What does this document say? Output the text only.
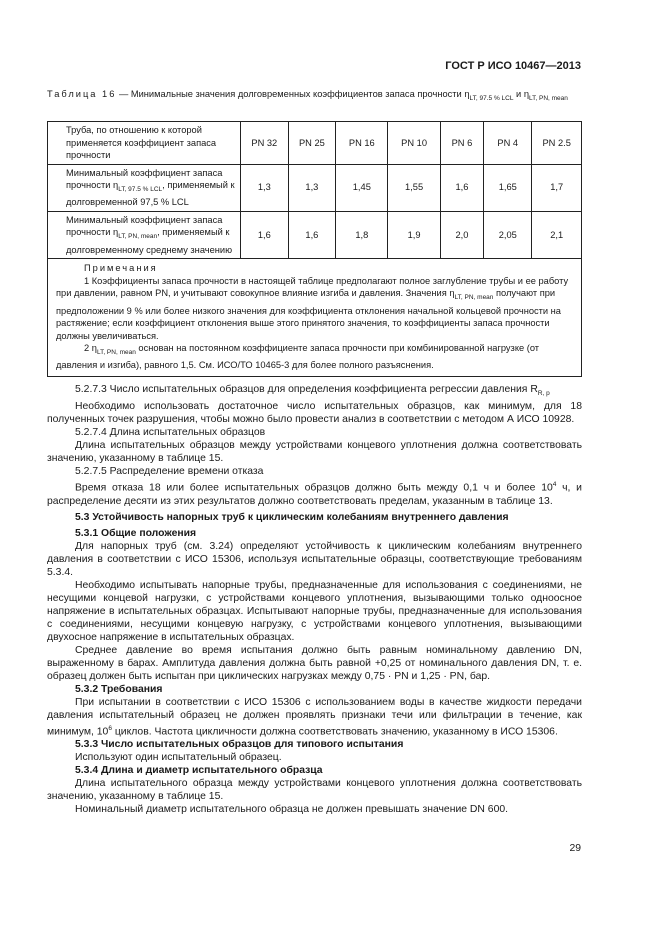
ГОСТ Р ИСО 10467—2013
Таблица 16 — Минимальные значения долговременных коэффициентов запаса прочности $\eta_{LT, 97.5 \% LCL}$ и $\eta_{LT, PN, mean}$
Труба, по отношению к которой применяется коэффициент запаса прочности	PN 32	PN 25	PN 16	PN 10	PN 6	PN 4	PN 2.5
Минимальный коэффициент запаса прочности $\eta_{LT, 97.5 \% LCL}$, применяемый к долговременной 97,5 % LCL	1,3	1,3	1,45	1,55	1,6	1,65	1,7
Минимальный коэффициент запаса прочности $\eta_{LT, PN, mean}$, применяемый к долговременному среднему значению	1,6	1,6	1,8	1,9	2,0	2,05	2,1

Примечания

1 Коэффициенты запаса прочности в настоящей таблице предполагают полное заглубление трубы и ее работу при давлении, равном PN, и учитывают совокупное влияние изгиба и давления. Значения $\eta_{LT, PN, mean}$ получают при предположении 9 % или более низкого значения для коэффициента отклонения начальной кольцевой прочности на растяжение; если коэффициент отклонения выше этого принятого значения, то коэффициенты запаса прочности должны увеличиваться.

2 $\eta_{LT, PN, mean}$ основан на постоянном коэффициенте запаса прочности при комбинированной нагрузке (от давления и изгиба), равного 1,5. См. ИСО/ТО 10465-3 для более полного разъяснения.							

5.2.7.3 Число испытательных образцов для определения коэффициента регрессии давления $R_{R, p}$

Необходимо использовать достаточное число испытательных образцов, как минимум, для 18 полученных точек разрушения, чтобы можно было провести анализ в соответствии с методом А ИСО 10928.

5.2.7.4 Длина испытательных образцов

Длина испытательных образцов между устройствами концевого уплотнения должна соответствовать значению, указанному в таблице 15.

5.2.7.5 Распределение времени отказа

Время отказа 18 или более испытательных образцов должно быть между 0,1 ч и более $10^4$ ч, и распределение десяти из этих результатов должно соответствовать пределам, указанным в таблице 13.

5.3 Устойчивость напорных труб к циклическим колебаниям внутреннего давления

5.3.1 Общие положения

Для напорных труб (см. 3.24) определяют устойчивость к циклическим колебаниям внутреннего давления в соответствии с ИСО 15306, используя испытательные образцы, соответствующие требованиям 5.3.4.

Необходимо испытывать напорные трубы, предназначенные для использования с соединениями, не несущими концевой нагрузки, с устройствами концевого уплотнения, вызывающими только одноосное напряжение в испытательных образцах. Испытывают напорные трубы, предназначенные для использования с соединениями, несущими концевую нагрузку, с устройствами концевого уплотнения, вызывающими двухосное напряжение в испытательных образцах.

Среднее давление во время испытания должно быть равным номинальному давлению DN, выраженному в барах. Амплитуда давления должна быть равной +0,25 от номинального давления DN, т. е. образец должен быть испытан при циклических нагрузках между 0,75 · PN и 1,25 · PN, бар.

5.3.2 Требования

При испытании в соответствии с ИСО 15306 с использованием воды в качестве жидкости передачи давления испытательный образец не должен проявлять признаки течи или фильтрации в течение, как минимум, $10^6$ циклов. Частота цикличности должна соответствовать значению, указанному в ИСО 15306.

5.3.3 Число испытательных образцов для типового испытания

Используют один испытательный образец.

5.3.4 Длина и диаметр испытательного образца

Длина испытательного образца между устройствами концевого уплотнения должна соответствовать значению, указанному в таблице 15.

Номинальный диаметр испытательного образца не должен превышать значение DN 600.

29
